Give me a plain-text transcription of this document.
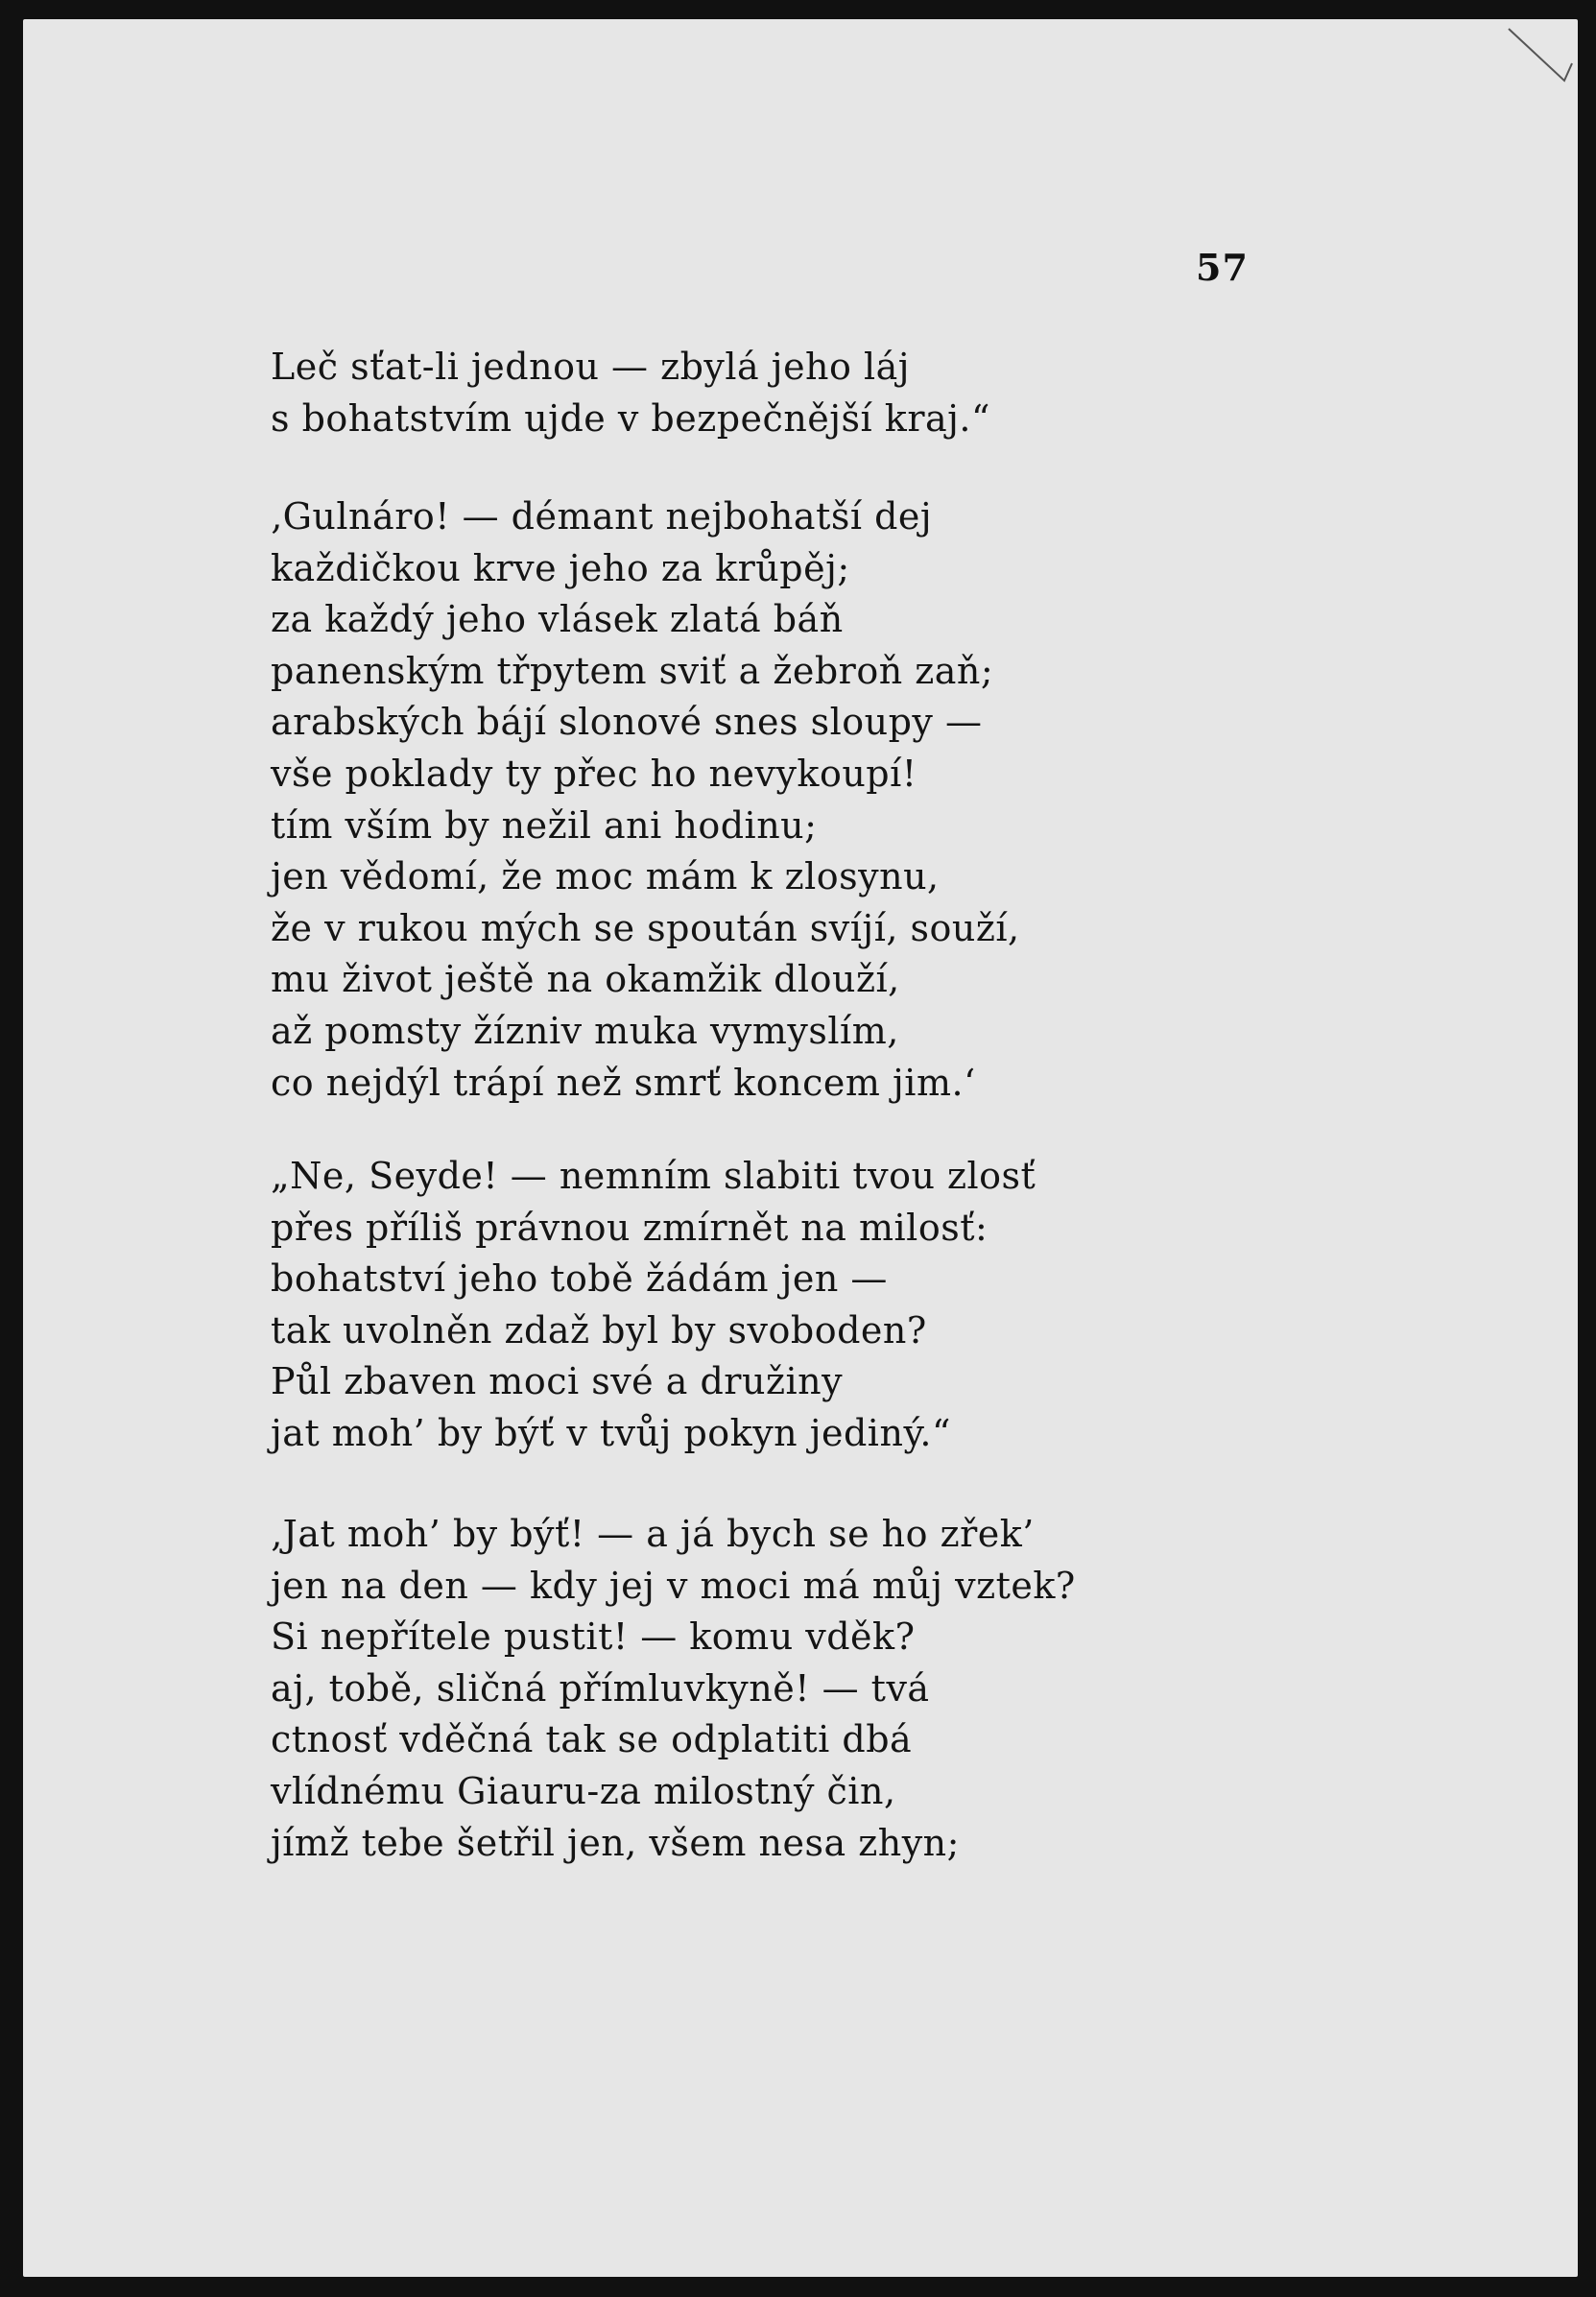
57
Leč sťat-li jednou — zbylá jeho láj
s bohatstvím ujde v bezpečnější kraj.“
‚Gulnáro! — démant nejbohatší dej
každičkou krve jeho za krůpěj;
za každý jeho vlásek zlatá báň
panenským třpytem sviť a žebroň zaň;
arabských bájí slonové snes sloupy —
vše poklady ty přec ho nevykoupí!
tím vším by nežil ani hodinu;
jen vědomí, že moc mám k zlosynu,
že v rukou mých se spoután svíjí, souží,
mu život ještě na okamžik dlouží,
až pomsty žízniv muka vymyslím,
co nejdýl trápí než smrť koncem jim.‘
„Ne, Seyde! — nemním slabiti tvou zlosť
přes příliš právnou zmírnět na milosť:
bohatství jeho tobě žádám jen —
tak uvolněn zdaž byl by svoboden?
Půl zbaven moci své a družiny
jat moh’ by býť v tvůj pokyn jediný.“
‚Jat moh’ by býť! — a já bych se ho zřek’
jen na den — kdy jej v moci má můj vztek?
Si nepřítele pustit! — komu vděk?
aj, tobě, sličná přímluvkyně! — tvá
ctnosť vděčná tak se odplatiti dbá
vlídnému Giauru-za milostný čin,
jímž tebe šetřil jen, všem nesa zhyn;
